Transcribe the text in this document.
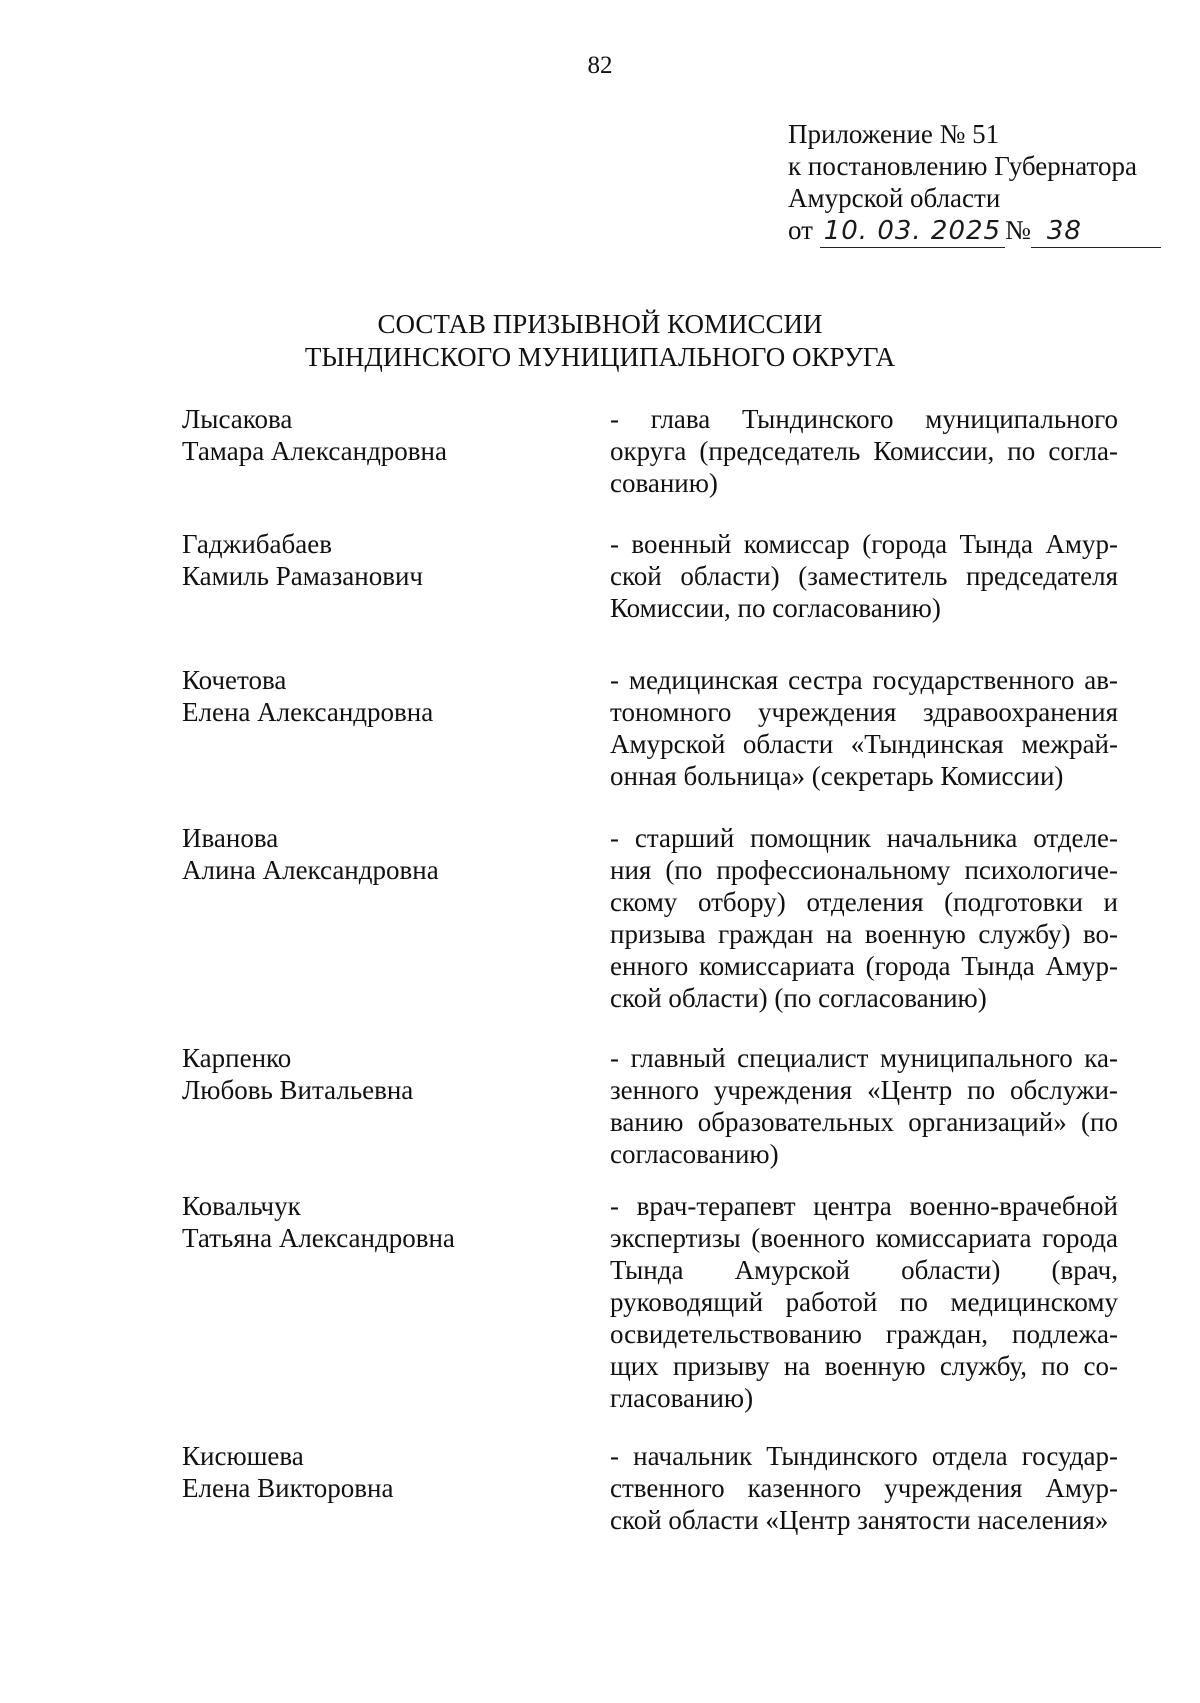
82
Приложение № 51
к постановлению Губернатора
Амурской области
от 10. 03. 2025 № 38
СОСТАВ ПРИЗЫВНОЙ КОМИССИИ
ТЫНДИНСКОГО МУНИЦИПАЛЬНОГО ОКРУГА
Лысакова
Тамара Александровна
- глава Тындинского муниципального округа (председатель Комиссии, по согла- сованию)
Гаджибабаев
Камиль Рамазанович
- военный комиссар (города Тында Амур- ской области) (заместитель председателя Комиссии, по согласованию)
Кочетова
Елена Александровна
- медицинская сестра государственного ав- тономного учреждения здравоохранения Амурской области «Тындинская межрай- онная больница» (секретарь Комиссии)
Иванова
Алина Александровна
- старший помощник начальника отделе- ния (по профессиональному психологиче- скому отбору) отделения (подготовки и призыва граждан на военную службу) во- енного комиссариата (города Тында Амур- ской области) (по согласованию)
Карпенко
Любовь Витальевна
- главный специалист муниципального ка- зенного учреждения «Центр по обслужи- ванию образовательных организаций» (по согласованию)
Ковальчук
Татьяна Александровна
- врач-терапевт центра военно-врачебной экспертизы (военного комиссариата города Тында Амурской области) (врач, руководящий работой по медицинскому освидетельствованию граждан, подлежа- щих призыву на военную службу, по со- гласованию)
Кисюшева
Елена Викторовна
- начальник Тындинского отдела государ- ственного казенного учреждения Амур- ской области «Центр занятости населения»
